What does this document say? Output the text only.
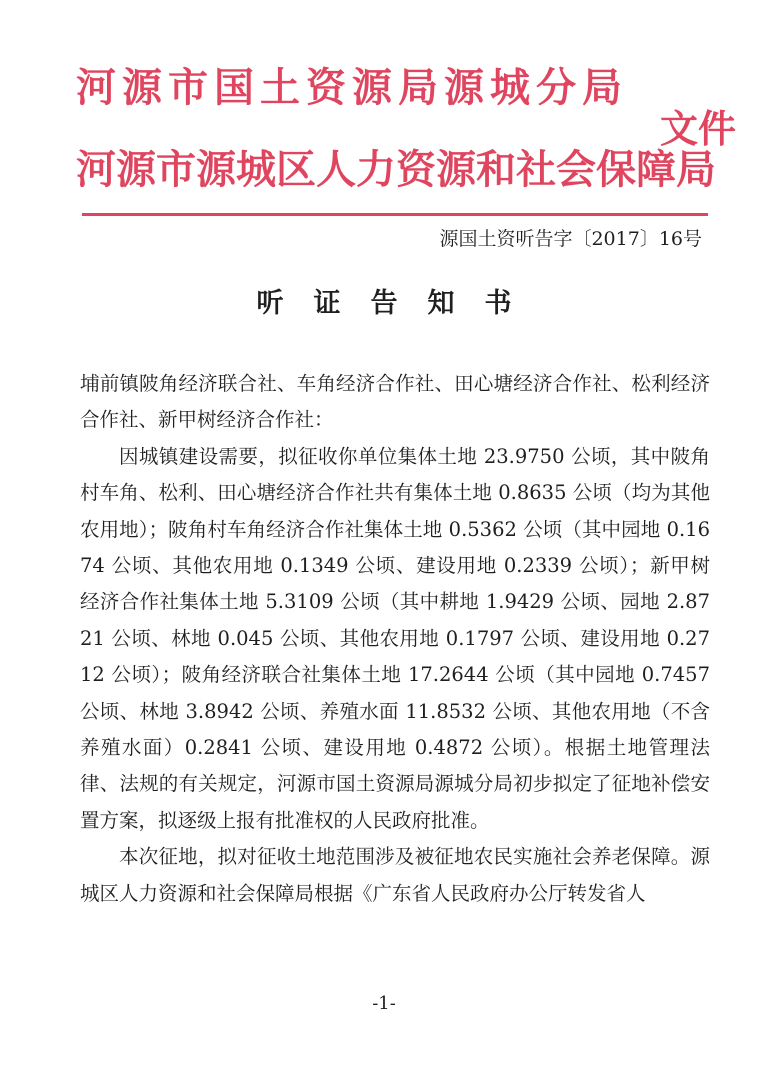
河源市国土资源局源城分局
文件
河源市源城区人力资源和社会保障局
源国土资听告字〔2017〕16号
听证告知书

埔前镇陂角经济联合社、车角经济合作社、田心塘经济合作社、松利经济合作社、新甲树经济合作社：

因城镇建设需要，拟征收你单位集体土地 23.9750 公顷，其中陂角村车角、松利、田心塘经济合作社共有集体土地 0.8635 公顷（均为其他农用地）；陂角村车角经济合作社集体土地 0.5362 公顷（其中园地 0.1674 公顷、其他农用地 0.1349 公顷、建设用地 0.2339 公顷）；新甲树经济合作社集体土地 5.3109 公顷（其中耕地 1.9429 公顷、园地 2.8721 公顷、林地 0.045 公顷、其他农用地 0.1797 公顷、建设用地 0.2712 公顷）；陂角经济联合社集体土地 17.2644 公顷（其中园地 0.7457 公顷、林地 3.8942 公顷、养殖水面 11.8532 公顷、其他农用地（不含养殖水面）0.2841 公顷、建设用地 0.4872 公顷）。根据土地管理法律、法规的有关规定，河源市国土资源局源城分局初步拟定了征地补偿安置方案，拟逐级上报有批准权的人民政府批准。

本次征地，拟对征收土地范围涉及被征地农民实施社会养老保障。源城区人力资源和社会保障局根据《广东省人民政府办公厅转发省人

-1-
